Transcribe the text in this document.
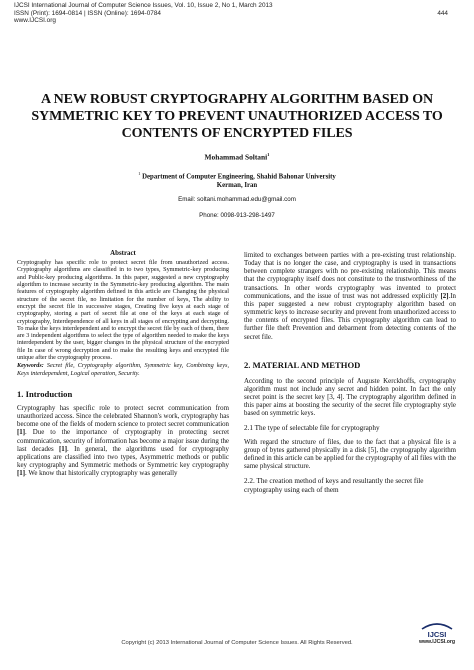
IJCSI International Journal of Computer Science Issues, Vol. 10, Issue 2, No 1, March 2013
ISSN (Print): 1694-0814 | ISSN (Online): 1694-0784
www.IJCSI.org
444
A NEW ROBUST CRYPTOGRAPHY ALGORITHM BASED ON SYMMETRIC KEY TO PREVENT UNAUTHORIZED ACCESS TO CONTENTS OF ENCRYPTED FILES
Mohammad Soltani$^1$
$^1$ Department of Computer Engineering, Shahid Bahonar University
Kerman, Iran
Email: soltani.mohammad.edu@gmail.com
Phone: 0098-913-298-1497

Abstract

Cryptography has specific role to protect secret file from unauthorized access. Cryptography algorithms are classified in to two types, Symmetric-key producing and Public-key producing algorithms. In this paper, suggested a new cryptography algorithm to increase security in the Symmetric-key producing algorithm. The main features of cryptography algorithm defined in this article are Changing the physical structure of the secret file, no limitation for the number of keys, The ability to encrypt the secret file in successive stages, Creating five keys at each stage of cryptography, storing a part of secret file at one of the keys at each stage of cryptography, Interdependence of all keys in all stages of encrypting and decrypting. To make the keys interdependent and to encrypt the secret file by each of them, there are 3 independent algorithms to select the type of algorithm needed to make the keys interdependent by the user, bigger changes in the physical structure of the encrypted file In case of wrong decryption and to make the resulting keys and encrypted file unique after the cryptography process.

Keywords: Secret file, Cryptography algorithm, Symmetric key, Combining keys, Keys interdependent, Logical operation, Security.

1. Introduction

Cryptography has specific role to protect secret communication from unauthorized access. Since the celebrated Shannon's work, cryptography has become one of the fields of modern science to protect secret communication [1]. Due to the importance of cryptography in protecting secret communication, security of information has become a major issue during the last decades [1]. In general, the algorithms used for cryptography applications are classified into two types, Asymmetric methods or public key cryptography and Symmetric methods or Symmetric key cryptography [1]. We know that historically cryptography was generally

limited to exchanges between parties with a pre-existing trust relationship. Today that is no longer the case, and cryptography is used in transactions between complete strangers with no pre-existing relationship. This means that the cryptography itself does not constitute to the trustworthiness of the transactions. In other words cryptography was invented to protect communications, and the issue of trust was not addressed explicitly [2].In this paper suggested a new robust cryptography algorithm based on symmetric keys to increase security and prevent from unauthorized access to the contents of encrypted files. This cryptography algorithm can lead to further file theft Prevention and debarment from detecting contents of the secret file.

2. MATERIAL AND METHOD

According to the second principle of Auguste Kerckhoffs, cryptography algorithm must not include any secret and hidden point. In fact the only secret point is the secret key [3, 4]. The cryptography algorithm defined in this paper aims at boosting the security of the secret file cryptography style based on symmetric keys.

2.1 The type of selectable file for cryptography

With regard the structure of files, due to the fact that a physical file is a group of bytes gathered physically in a disk [5], the cryptography algorithm defined in this article can be applied for the cryptography of all files with the same physical structure.

2.2. The creation method of keys and resultantly the secret file cryptography using each of them

Copyright (c) 2013 International Journal of Computer Science Issues. All Rights Reserved.
IJCSI
www.IJCSI.org
